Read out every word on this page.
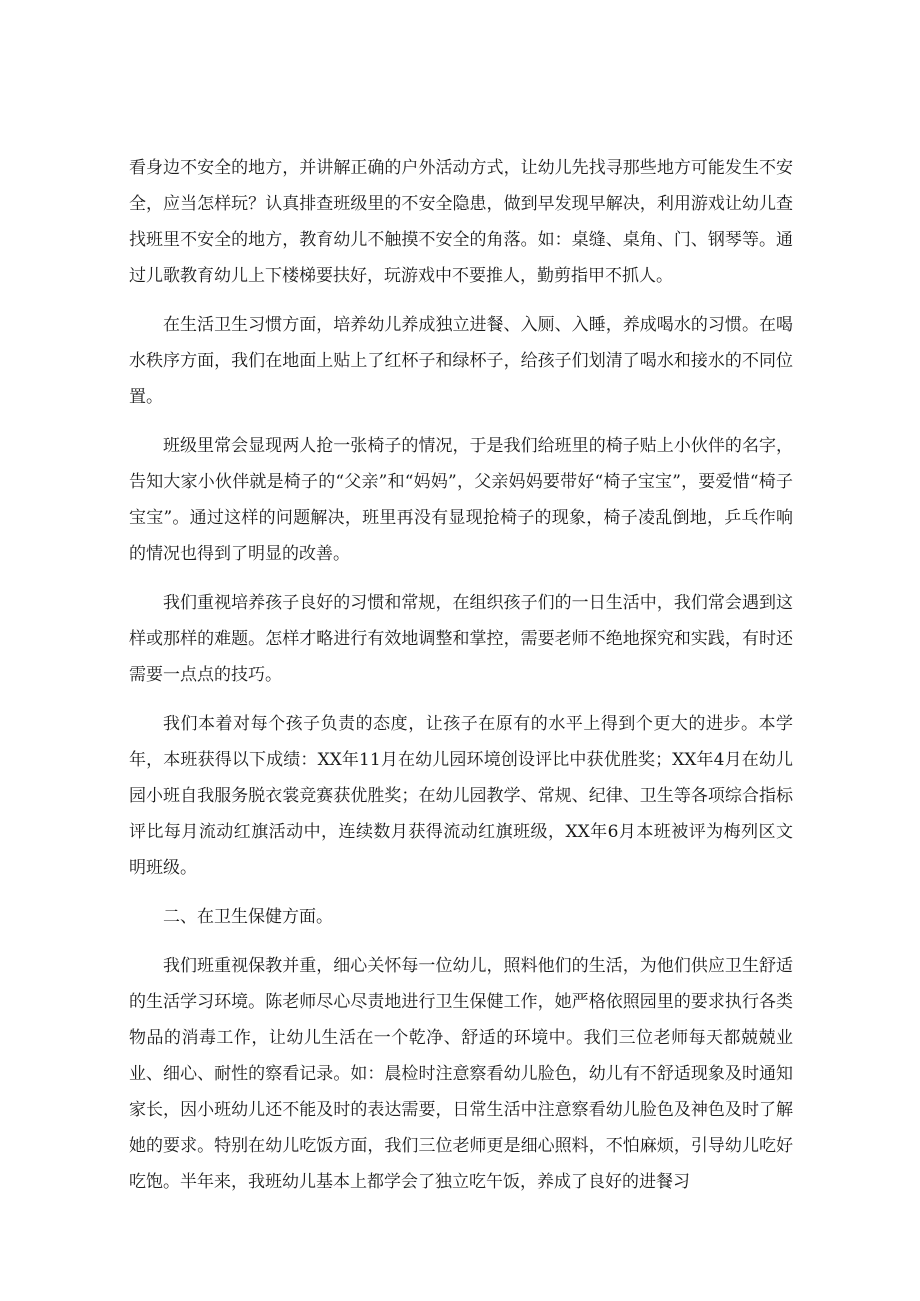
看身边不安全的地方，并讲解正确的户外活动方式，让幼儿先找寻那些地方可能发生不安全，应当怎样玩？认真排查班级里的不安全隐患，做到早发现早解决，利用游戏让幼儿查找班里不安全的地方，教育幼儿不触摸不安全的角落。如：桌缝、桌角、门、钢琴等。通过儿歌教育幼儿上下楼梯要扶好，玩游戏中不要推人，勤剪指甲不抓人。

在生活卫生习惯方面，培养幼儿养成独立进餐、入厕、入睡，养成喝水的习惯。在喝水秩序方面，我们在地面上贴上了红杯子和绿杯子，给孩子们划清了喝水和接水的不同位置。

班级里常会显现两人抢一张椅子的情况，于是我们给班里的椅子贴上小伙伴的名字，告知大家小伙伴就是椅子的“父亲”和“妈妈”，父亲妈妈要带好“椅子宝宝”，要爱惜“椅子宝宝”。通过这样的问题解决，班里再没有显现抢椅子的现象，椅子凌乱倒地，乒乓作响的情况也得到了明显的改善。

我们重视培养孩子良好的习惯和常规，在组织孩子们的一日生活中，我们常会遇到这样或那样的难题。怎样才略进行有效地调整和掌控，需要老师不绝地探究和实践，有时还需要一点点的技巧。

我们本着对每个孩子负责的态度，让孩子在原有的水平上得到个更大的进步。本学年，本班获得以下成绩：XX年11月在幼儿园环境创设评比中获优胜奖；XX年4月在幼儿园小班自我服务脱衣裳竞赛获优胜奖；在幼儿园教学、常规、纪律、卫生等各项综合指标评比每月流动红旗活动中，连续数月获得流动红旗班级，XX年6月本班被评为梅列区文明班级。

二、在卫生保健方面。

我们班重视保教并重，细心关怀每一位幼儿，照料他们的生活，为他们供应卫生舒适的生活学习环境。陈老师尽心尽责地进行卫生保健工作，她严格依照园里的要求执行各类物品的消毒工作，让幼儿生活在一个乾净、舒适的环境中。我们三位老师每天都兢兢业业、细心、耐性的察看记录。如：晨检时注意察看幼儿脸色，幼儿有不舒适现象及时通知家长，因小班幼儿还不能及时的表达需要，日常生活中注意察看幼儿脸色及神色及时了解她的要求。特别在幼儿吃饭方面，我们三位老师更是细心照料，不怕麻烦，引导幼儿吃好吃饱。半年来，我班幼儿基本上都学会了独立吃午饭，养成了良好的进餐习
